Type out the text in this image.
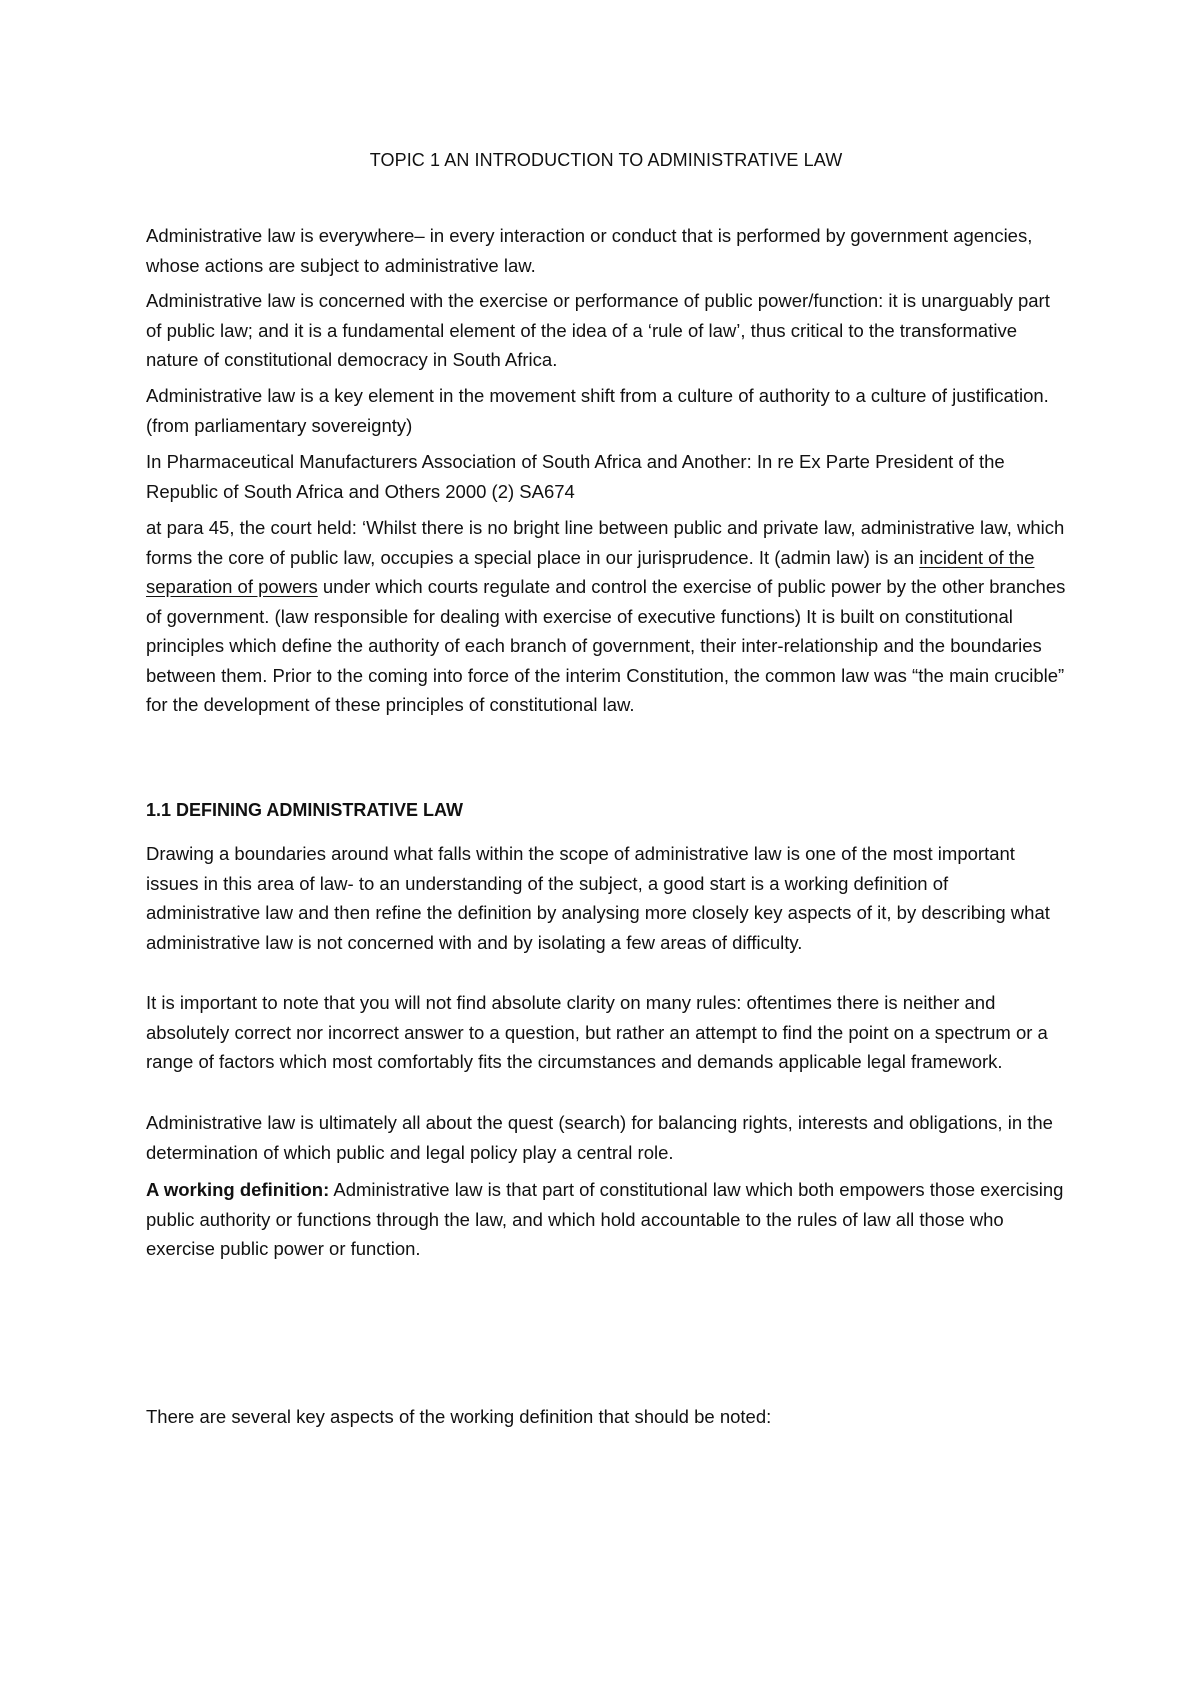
TOPIC 1 AN INTRODUCTION TO ADMINISTRATIVE LAW

Administrative law is everywhere– in every interaction or conduct that is performed by government agencies, whose actions are subject to administrative law.

Administrative law is concerned with the exercise or performance of public power/function: it is unarguably part of public law; and it is a fundamental element of the idea of a ‘rule of law’, thus critical to the transformative nature of constitutional democracy in South Africa.

Administrative law is a key element in the movement shift from a culture of authority to a culture of justification. (from parliamentary sovereignty)

In Pharmaceutical Manufacturers Association of South Africa and Another: In re Ex Parte President of the Republic of South Africa and Others 2000 (2) SA674

at para 45, the court held: ‘Whilst there is no bright line between public and private law, administrative law, which forms the core of public law, occupies a special place in our jurisprudence. It (admin law) is an incident of the separation of powers under which courts regulate and control the exercise of public power by the other branches of government. (law responsible for dealing with exercise of executive functions) It is built on constitutional principles which define the authority of each branch of government, their inter-relationship and the boundaries between them. Prior to the coming into force of the interim Constitution, the common law was “the main crucible” for the development of these principles of constitutional law.

1.1 DEFINING ADMINISTRATIVE LAW

Drawing a boundaries around what falls within the scope of administrative law is one of the most important issues in this area of law- to an understanding of the subject, a good start is a working definition of administrative law and then refine the definition by analysing more closely key aspects of it, by describing what administrative law is not concerned with and by isolating a few areas of difficulty.

It is important to note that you will not find absolute clarity on many rules: oftentimes there is neither and absolutely correct nor incorrect answer to a question, but rather an attempt to find the point on a spectrum or a range of factors which most comfortably fits the circumstances and demands applicable legal framework.

Administrative law is ultimately all about the quest (search) for balancing rights, interests and obligations, in the determination of which public and legal policy play a central role.

A working definition: Administrative law is that part of constitutional law which both empowers those exercising public authority or functions through the law, and which hold accountable to the rules of law all those who exercise public power or function.

There are several key aspects of the working definition that should be noted:
